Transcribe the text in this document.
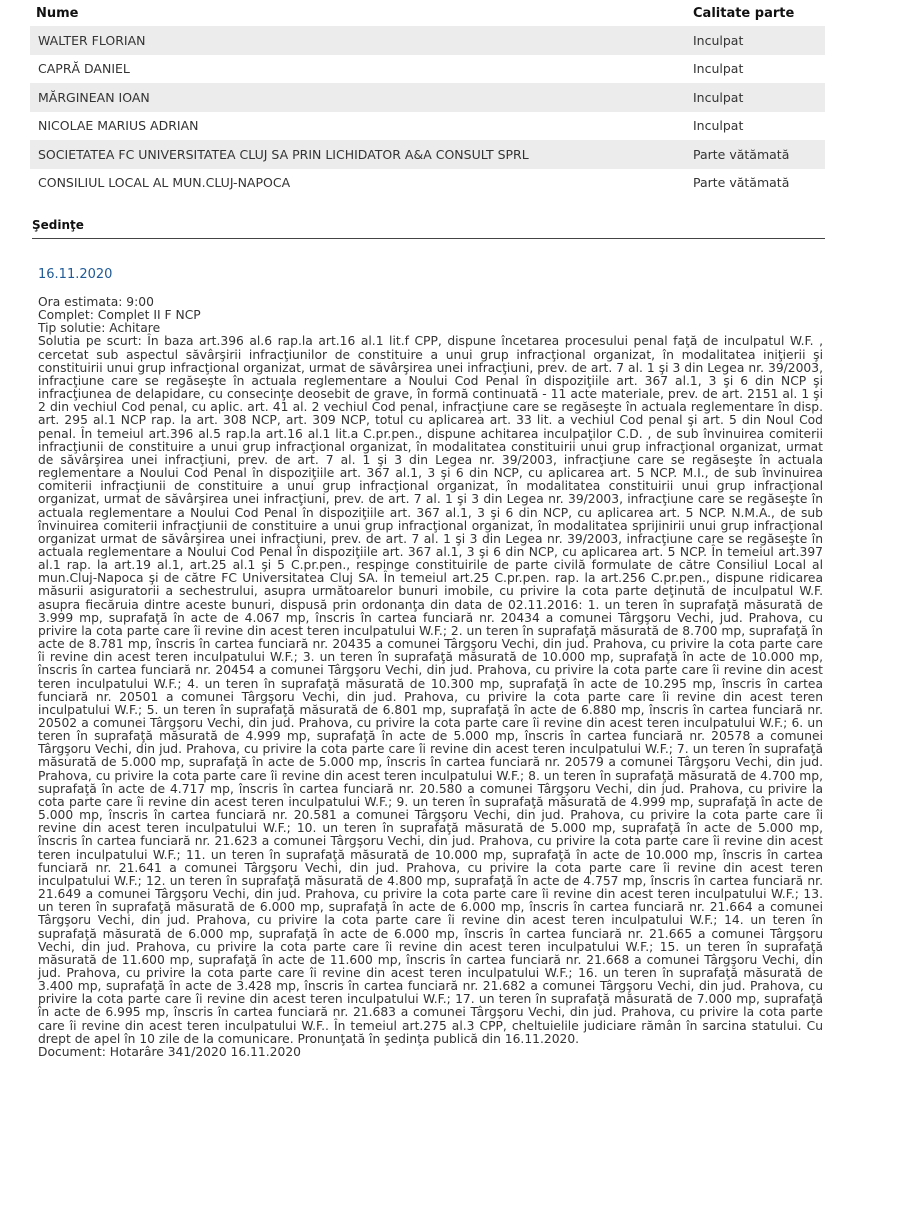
Nume	Calitate parte
WALTER FLORIAN	Inculpat
CAPRĂ DANIEL	Inculpat
MĂRGINEAN IOAN	Inculpat
NICOLAE MARIUS ADRIAN	Inculpat
SOCIETATEA FC UNIVERSITATEA CLUJ SA PRIN LICHIDATOR A&A CONSULT SPRL	Parte vătămată
CONSILIUL LOCAL AL MUN.CLUJ-NAPOCA	Parte vătămată
Şedinţe
16.11.2020
Ora estimata: 9:00
Complet: Complet II F NCP
Tip solutie: Achitare
Solutia pe scurt: În baza art.396 al.6 rap.la art.16 al.1 lit.f CPP, dispune încetarea procesului penal faţă de inculpatul W.F. , cercetat sub aspectul săvârşirii infracţiunilor de constituire a unui grup infracţional organizat, în modalitatea iniţierii şi constituirii unui grup infracţional organizat, urmat de săvârşirea unei infracţiuni, prev. de art. 7 al. 1 şi 3 din Legea nr. 39/2003, infracţiune care se regăseşte în actuala reglementare a Noului Cod Penal în dispoziţiile art. 367 al.1, 3 şi 6 din NCP şi infracţiunea de delapidare, cu consecinţe deosebit de grave, în formă continuată - 11 acte materiale, prev. de art. 2151 al. 1 şi 2 din vechiul Cod penal, cu aplic. art. 41 al. 2 vechiul Cod penal, infracţiune care se regăseşte în actuala reglementare în disp. art. 295 al.1 NCP rap. la art. 308 NCP, art. 309 NCP, totul cu aplicarea art. 33 lit. a vechiul Cod penal şi art. 5 din Noul Cod penal. În temeiul art.396 al.5 rap.la art.16 al.1 lit.a C.pr.pen., dispune achitarea inculpaţilor C.D. , de sub învinuirea comiterii infracţiunii de constituire a unui grup infracţional organizat, în modalitatea constituirii unui grup infracţional organizat, urmat de săvârşirea unei infracţiuni, prev. de art. 7 al. 1 şi 3 din Legea nr. 39/2003, infracţiune care se regăseşte în actuala reglementare a Noului Cod Penal în dispoziţiile art. 367 al.1, 3 şi 6 din NCP, cu aplicarea art. 5 NCP. M.I., de sub învinuirea comiterii infracţiunii de constituire a unui grup infracţional organizat, în modalitatea constituirii unui grup infracţional organizat, urmat de săvârşirea unei infracţiuni, prev. de art. 7 al. 1 şi 3 din Legea nr. 39/2003, infracţiune care se regăseşte în actuala reglementare a Noului Cod Penal în dispoziţiile art. 367 al.1, 3 şi 6 din NCP, cu aplicarea art. 5 NCP. N.M.A., de sub învinuirea comiterii infracţiunii de constituire a unui grup infracţional organizat, în modalitatea sprijinirii unui grup infracţional organizat urmat de săvârşirea unei infracţiuni, prev. de art. 7 al. 1 şi 3 din Legea nr. 39/2003, infracţiune care se regăseşte în actuala reglementare a Noului Cod Penal în dispoziţiile art. 367 al.1, 3 şi 6 din NCP, cu aplicarea art. 5 NCP. În temeiul art.397 al.1 rap. la art.19 al.1, art.25 al.1 şi 5 C.pr.pen., respinge constituirile de parte civilă formulate de către Consiliul Local al mun.Cluj-Napoca şi de către FC Universitatea Cluj SA. În temeiul art.25 C.pr.pen. rap. la art.256 C.pr.pen., dispune ridicarea măsurii asiguratorii a sechestrului, asupra următoarelor bunuri imobile, cu privire la cota parte deţinută de inculpatul W.F. asupra fiecăruia dintre aceste bunuri, dispusă prin ordonanţa din data de 02.11.2016: 1. un teren în suprafaţă măsurată de 3.999 mp, suprafaţă în acte de 4.067 mp, înscris în cartea funciară nr. 20434 a comunei Târgşoru Vechi, jud. Prahova, cu privire la cota parte care îi revine din acest teren inculpatului W.F.; 2. un teren în suprafaţă măsurată de 8.700 mp, suprafaţă în acte de 8.781 mp, înscris în cartea funciară nr. 20435 a comunei Târgşoru Vechi, din jud. Prahova, cu privire la cota parte care îi revine din acest teren inculpatului W.F.; 3. un teren în suprafaţă măsurată de 10.000 mp, suprafaţă în acte de 10.000 mp, înscris în cartea funciară nr. 20454 a comunei Târgşoru Vechi, din jud. Prahova, cu privire la cota parte care îi revine din acest teren inculpatului W.F.; 4. un teren în suprafaţă măsurată de 10.300 mp, suprafaţă în acte de 10.295 mp, înscris în cartea funciară nr. 20501 a comunei Târgşoru Vechi, din jud. Prahova, cu privire la cota parte care îi revine din acest teren inculpatului W.F.; 5. un teren în suprafaţă măsurată de 6.801 mp, suprafaţă în acte de 6.880 mp, înscris în cartea funciară nr. 20502 a comunei Târgşoru Vechi, din jud. Prahova, cu privire la cota parte care îi revine din acest teren inculpatului W.F.; 6. un teren în suprafaţă măsurată de 4.999 mp, suprafaţă în acte de 5.000 mp, înscris în cartea funciară nr. 20578 a comunei Târgşoru Vechi, din jud. Prahova, cu privire la cota parte care îi revine din acest teren inculpatului W.F.; 7. un teren în suprafaţă măsurată de 5.000 mp, suprafaţă în acte de 5.000 mp, înscris în cartea funciară nr. 20579 a comunei Târgşoru Vechi, din jud. Prahova, cu privire la cota parte care îi revine din acest teren inculpatului W.F.; 8. un teren în suprafaţă măsurată de 4.700 mp, suprafaţă în acte de 4.717 mp, înscris în cartea funciară nr. 20.580 a comunei Târgşoru Vechi, din jud. Prahova, cu privire la cota parte care îi revine din acest teren inculpatului W.F.; 9. un teren în suprafaţă măsurată de 4.999 mp, suprafaţă în acte de 5.000 mp, înscris în cartea funciară nr. 20.581 a comunei Târgşoru Vechi, din jud. Prahova, cu privire la cota parte care îi revine din acest teren inculpatului W.F.; 10. un teren în suprafaţă măsurată de 5.000 mp, suprafaţă în acte de 5.000 mp, înscris în cartea funciară nr. 21.623 a comunei Târgşoru Vechi, din jud. Prahova, cu privire la cota parte care îi revine din acest teren inculpatului W.F.; 11. un teren în suprafaţă măsurată de 10.000 mp, suprafaţă în acte de 10.000 mp, înscris în cartea funciară nr. 21.641 a comunei Târgşoru Vechi, din jud. Prahova, cu privire la cota parte care îi revine din acest teren inculpatului W.F.; 12. un teren în suprafaţă măsurată de 4.800 mp, suprafaţă în acte de 4.757 mp, înscris în cartea funciară nr. 21.649 a comunei Târgşoru Vechi, din jud. Prahova, cu privire la cota parte care îi revine din acest teren inculpatului W.F.; 13. un teren în suprafaţă măsurată de 6.000 mp, suprafaţă în acte de 6.000 mp, înscris în cartea funciară nr. 21.664 a comunei Târgşoru Vechi, din jud. Prahova, cu privire la cota parte care îi revine din acest teren inculpatului W.F.; 14. un teren în suprafaţă măsurată de 6.000 mp, suprafaţă în acte de 6.000 mp, înscris în cartea funciară nr. 21.665 a comunei Târgşoru Vechi, din jud. Prahova, cu privire la cota parte care îi revine din acest teren inculpatului W.F.; 15. un teren în suprafaţă măsurată de 11.600 mp, suprafaţă în acte de 11.600 mp, înscris în cartea funciară nr. 21.668 a comunei Târgşoru Vechi, din jud. Prahova, cu privire la cota parte care îi revine din acest teren inculpatului W.F.; 16. un teren în suprafaţă măsurată de 3.400 mp, suprafaţă în acte de 3.428 mp, înscris în cartea funciară nr. 21.682 a comunei Târgşoru Vechi, din jud. Prahova, cu privire la cota parte care îi revine din acest teren inculpatului W.F.; 17. un teren în suprafaţă măsurată de 7.000 mp, suprafaţă în acte de 6.995 mp, înscris în cartea funciară nr. 21.683 a comunei Târgşoru Vechi, din jud. Prahova, cu privire la cota parte care îi revine din acest teren inculpatului W.F.. În temeiul art.275 al.3 CPP, cheltuielile judiciare rămân în sarcina statului. Cu drept de apel în 10 zile de la comunicare. Pronunţată în şedinţa publică din 16.11.2020.
Document: Hotarâre 341/2020 16.11.2020
